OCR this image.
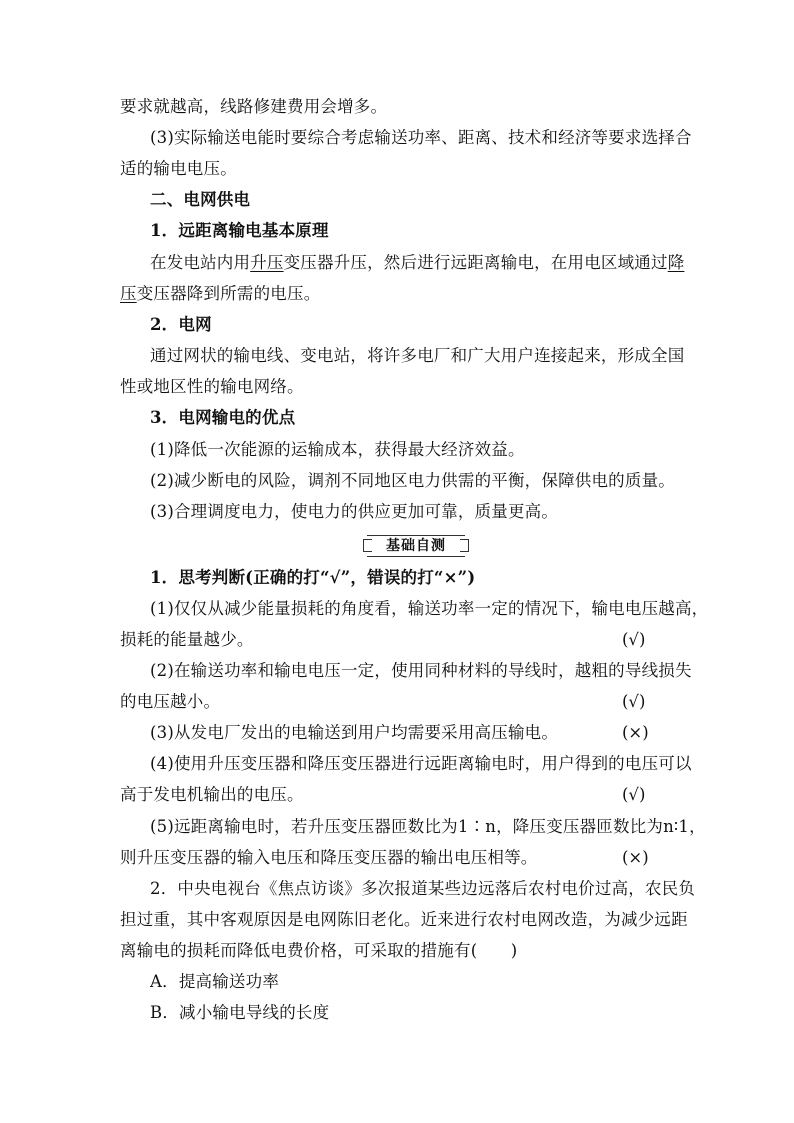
要求就越高，线路修建费用会增多。
(3)实际输送电能时要综合考虑输送功率、距离、技术和经济等要求选择合
适的输电电压。
二、电网供电
1．远距离输电基本原理
在发电站内用升压变压器升压，然后进行远距离输电，在用电区域通过降
压变压器降到所需的电压。
2．电网
通过网状的输电线、变电站，将许多电厂和广大用户连接起来，形成全国
性或地区性的输电网络。
3．电网输电的优点
(1)降低一次能源的运输成本，获得最大经济效益。
(2)减少断电的风险，调剂不同地区电力供需的平衡，保障供电的质量。
(3)合理调度电力，使电力的供应更加可靠，质量更高。
基础自测
1．思考判断(正确的打“√”，错误的打“×”)
(1)仅仅从减少能量损耗的角度看，输送功率一定的情况下，输电电压越高，
损耗的能量越少。	(√)
(2)在输送功率和输电电压一定，使用同种材料的导线时，越粗的导线损失
的电压越小。	(√)
(3)从发电厂发出的电输送到用户均需要采用高压输电。	(×)
(4)使用升压变压器和降压变压器进行远距离输电时，用户得到的电压可以
高于发电机输出的电压。	(√)
(5)远距离输电时，若升压变压器匝数比为1∶n，降压变压器匝数比为n∶1，
则升压变压器的输入电压和降压变压器的输出电压相等。	(×)
2．中央电视台《焦点访谈》多次报道某些边远落后农村电价过高，农民负
担过重，其中客观原因是电网陈旧老化。近来进行农村电网改造，为减少远距
离输电的损耗而降低电费价格，可采取的措施有(　　)
A．提高输送功率
B．减小输电导线的长度
